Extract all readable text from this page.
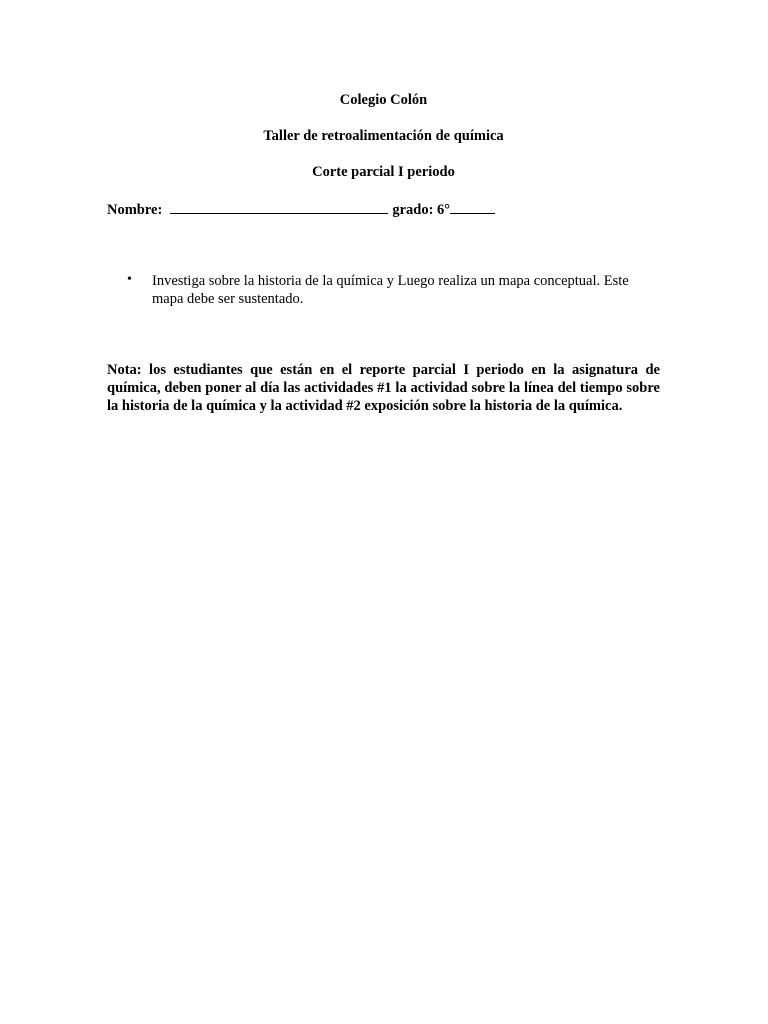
Colegio Colón
Taller de retroalimentación de química
Corte parcial I periodo
Nombre:	grado: 6°
• Investiga sobre la historia de la química y Luego realiza un mapa conceptual. Este mapa debe ser sustentado.
Nota: los estudiantes que están en el reporte parcial I periodo en la asignatura de química, deben poner al día las actividades #1 la actividad sobre la línea del tiempo sobre la historia de la química y la actividad #2 exposición sobre la historia de la química.
